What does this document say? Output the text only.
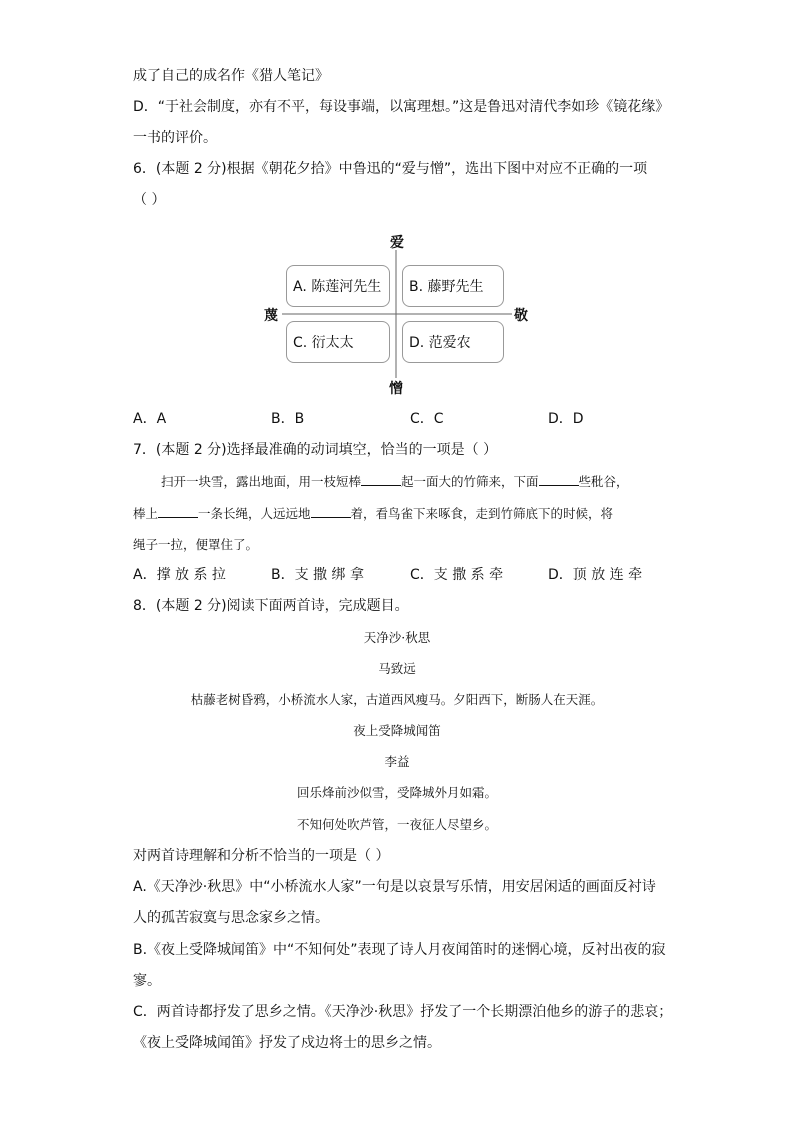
成了自己的成名作《猎人笔记》
D．“于社会制度，亦有不平，每设事端，以寓理想。”这是鲁迅对清代李如珍《镜花缘》
一书的评价。
6．(本题 2 分)根据《朝花夕拾》中鲁迅的“爱与憎”，选出下图中对应不正确的一项
（ ）
爱
憎
蔑	敬
A. 陈莲河先生	B. 藤野先生
C. 衍太太	D. 范爱农
A．A	B．B	C．C	D．D
7．(本题 2 分)选择最准确的动词填空，恰当的一项是（ ）
扫开一块雪，露出地面，用一枝短棒	起一面大的竹筛来，下面	些秕谷，
棒上	一条长绳，人远远地	着，看鸟雀下来啄食，走到竹筛底下的时候，将
绳子一拉，便罩住了。
A．撑 放 系 拉	B．支 撒 绑 拿	C．支 撒 系 牵	D．顶 放 连 牵
8．(本题 2 分)阅读下面两首诗，完成题目。
天净沙·秋思
马致远
枯藤老树昏鸦，小桥流水人家，古道西风瘦马。夕阳西下，断肠人在天涯。
夜上受降城闻笛
李益
回乐烽前沙似雪，受降城外月如霜。
不知何处吹芦管，一夜征人尽望乡。
对两首诗理解和分析不恰当的一项是（ ）
A.《天净沙·秋思》中“小桥流水人家”一句是以哀景写乐情，用安居闲适的画面反衬诗
人的孤苦寂寞与思念家乡之情。
B.《夜上受降城闻笛》中“不知何处”表现了诗人月夜闻笛时的迷惘心境，反衬出夜的寂
寥。
C．两首诗都抒发了思乡之情。《天净沙·秋思》抒发了一个长期漂泊他乡的游子的悲哀；
《夜上受降城闻笛》抒发了戍边将士的思乡之情。
